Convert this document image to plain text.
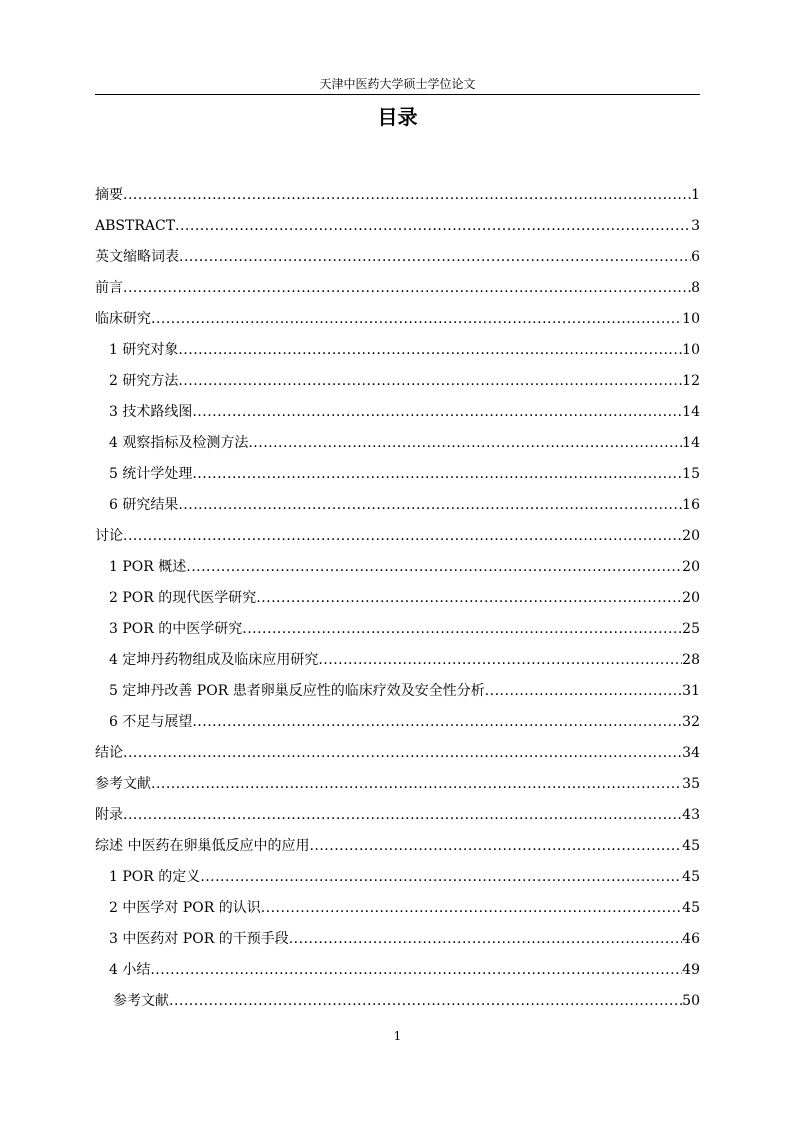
天津中医药大学硕士学位论文
目录
摘要 .....	1
ABSTRACT .....	3
英文缩略词表 .....	6
前言 .....	8
临床研究 .....	10
1 研究对象 .....	10
2 研究方法 .....	12
3 技术路线图 .....	14
4 观察指标及检测方法 .....	14
5 统计学处理 .....	15
6 研究结果 .....	16
讨论 .....	20
1 POR 概述 .....	20
2 POR 的现代医学研究 .....	20
3 POR 的中医学研究 .....	25
4 定坤丹药物组成及临床应用研究 .....	28
5 定坤丹改善 POR 患者卵巢反应性的临床疗效及安全性分析 .....	31
6 不足与展望 .....	32
结论 .....	34
参考文献 .....	35
附录 .....	43
综述 中医药在卵巢低反应中的应用 .....	45
1 POR 的定义 .....	45
2 中医学对 POR 的认识 .....	45
3 中医药对 POR 的干预手段 .....	46
4 小结 .....	49
参考文献 .....	50
1
